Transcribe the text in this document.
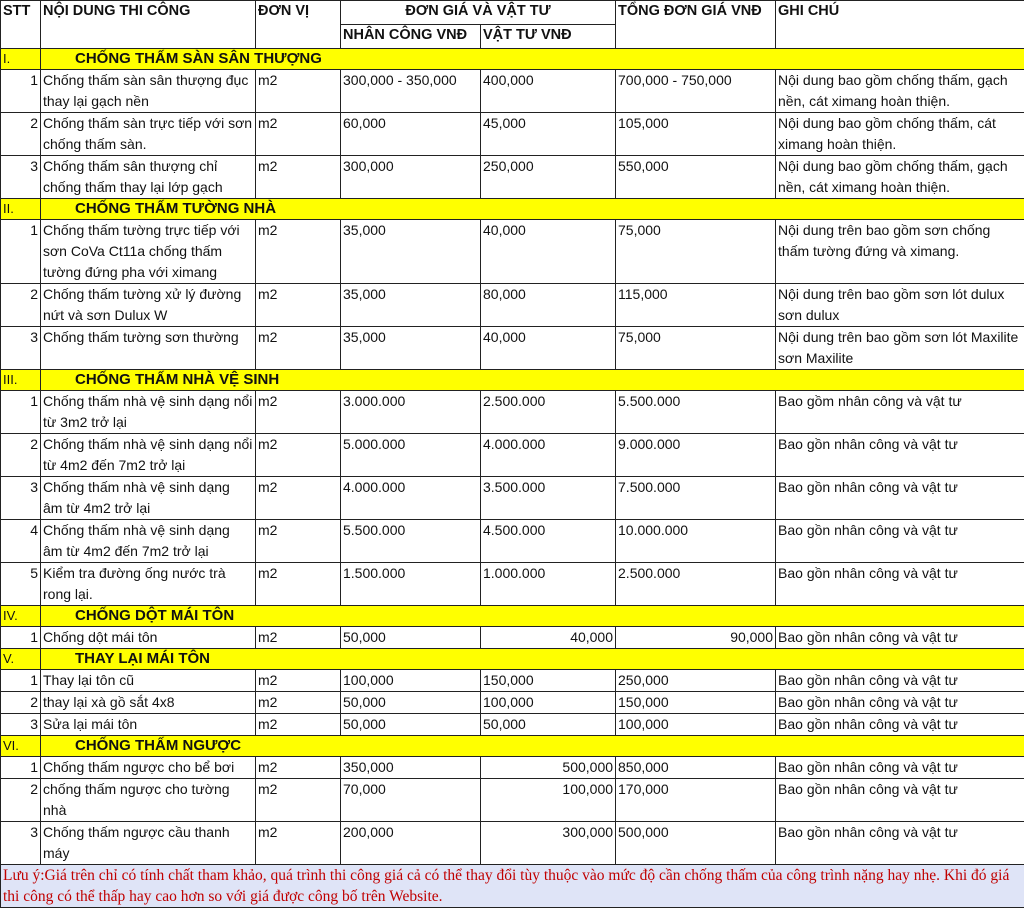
STT	NỘI DUNG THI CÔNG	ĐƠN VỊ	ĐƠN GIÁ VÀ VẬT TƯ		TỔNG ĐƠN GIÁ VNĐ	GHI CHÚ
			NHÂN CÔNG VNĐ	VẬT TƯ VNĐ		
I.	CHỐNG THẤM SÀN SÂN THƯỢNG					
1	Chống thấm sàn sân thượng đục thay lại gạch nền	m2	300,000 - 350,000	400,000	700,000 - 750,000	Nội dung bao gồm chống thấm, gạch nền, cát ximang hoàn thiện.
2	Chống thấm sàn trực tiếp với sơn chống thấm sàn.	m2	60,000	45,000	105,000	Nội dung bao gồm chống thấm, cát ximang hoàn thiện.
3	Chống thấm sân thượng chỉ chống thấm thay lại lớp gạch	m2	300,000	250,000	550,000	Nội dung bao gồm chống thấm, gạch nền, cát ximang hoàn thiện.
II.	CHỐNG THẤM TƯỜNG NHÀ					
1	Chống thấm tường trực tiếp với sơn CoVa Ct11a chống thấm tường đứng pha với ximang	m2	35,000	40,000	75,000	Nội dung trên bao gồm sơn chống thấm tường đứng và ximang.
2	Chống thấm tường xử lý đường nứt và sơn Dulux W	m2	35,000	80,000	115,000	Nội dung trên bao gồm sơn lót dulux sơn dulux
3	Chống thấm tường sơn thường	m2	35,000	40,000	75,000	Nội dung trên bao gồm sơn lót Maxilite sơn Maxilite
III.	CHỐNG THẤM NHÀ VỆ SINH					
1	Chống thấm nhà vệ sinh dạng nổi từ 3m2 trở lại	m2	3.000.000	2.500.000	5.500.000	Bao gồm nhân công và vật tư
2	Chống thấm nhà vệ sinh dạng nổi từ 4m2 đến 7m2 trở lại	m2	5.000.000	4.000.000	9.000.000	Bao gồn nhân công và vật tư
3	Chống thấm nhà vệ sinh dạng âm từ 4m2 trở lại	m2	4.000.000	3.500.000	7.500.000	Bao gồn nhân công và vật tư
4	Chống thấm nhà vệ sinh dạng âm từ 4m2 đến 7m2 trở lại	m2	5.500.000	4.500.000	10.000.000	Bao gồn nhân công và vật tư
5	Kiểm tra đường ống nước trà rong lại.	m2	1.500.000	1.000.000	2.500.000	Bao gồn nhân công và vật tư
IV.	CHỐNG DỘT MÁI TÔN					
1	Chống dột mái tôn	m2	50,000	40,000	90,000	Bao gồn nhân công và vật tư
V.	THAY LẠI MÁI TÔN					
1	Thay lại tôn cũ	m2	100,000	150,000	250,000	Bao gồn nhân công và vật tư
2	thay lại xà gồ sắt 4x8	m2	50,000	100,000	150,000	Bao gồn nhân công và vật tư
3	Sửa lại mái tôn	m2	50,000	50,000	100,000	Bao gồn nhân công và vật tư
VI.	CHỐNG THẤM NGƯỢC					
1	Chống thấm ngược cho bể bơi	m2	350,000	500,000	850,000	Bao gồn nhân công và vật tư
2	chống thấm ngược cho tường nhà	m2	70,000	100,000	170,000	Bao gồn nhân công và vật tư
3	Chống thấm ngược cầu thanh máy	m2	200,000	300,000	500,000	Bao gồn nhân công và vật tư
Lưu ý:Giá trên chỉ có tính chất tham khảo, quá trình thi công giá cả có thể thay đổi tùy thuộc vào mức độ cần chống thấm của công trình nặng hay nhẹ. Khi đó giá thi công có thể thấp hay cao hơn so với giá được công bố trên Website.						
